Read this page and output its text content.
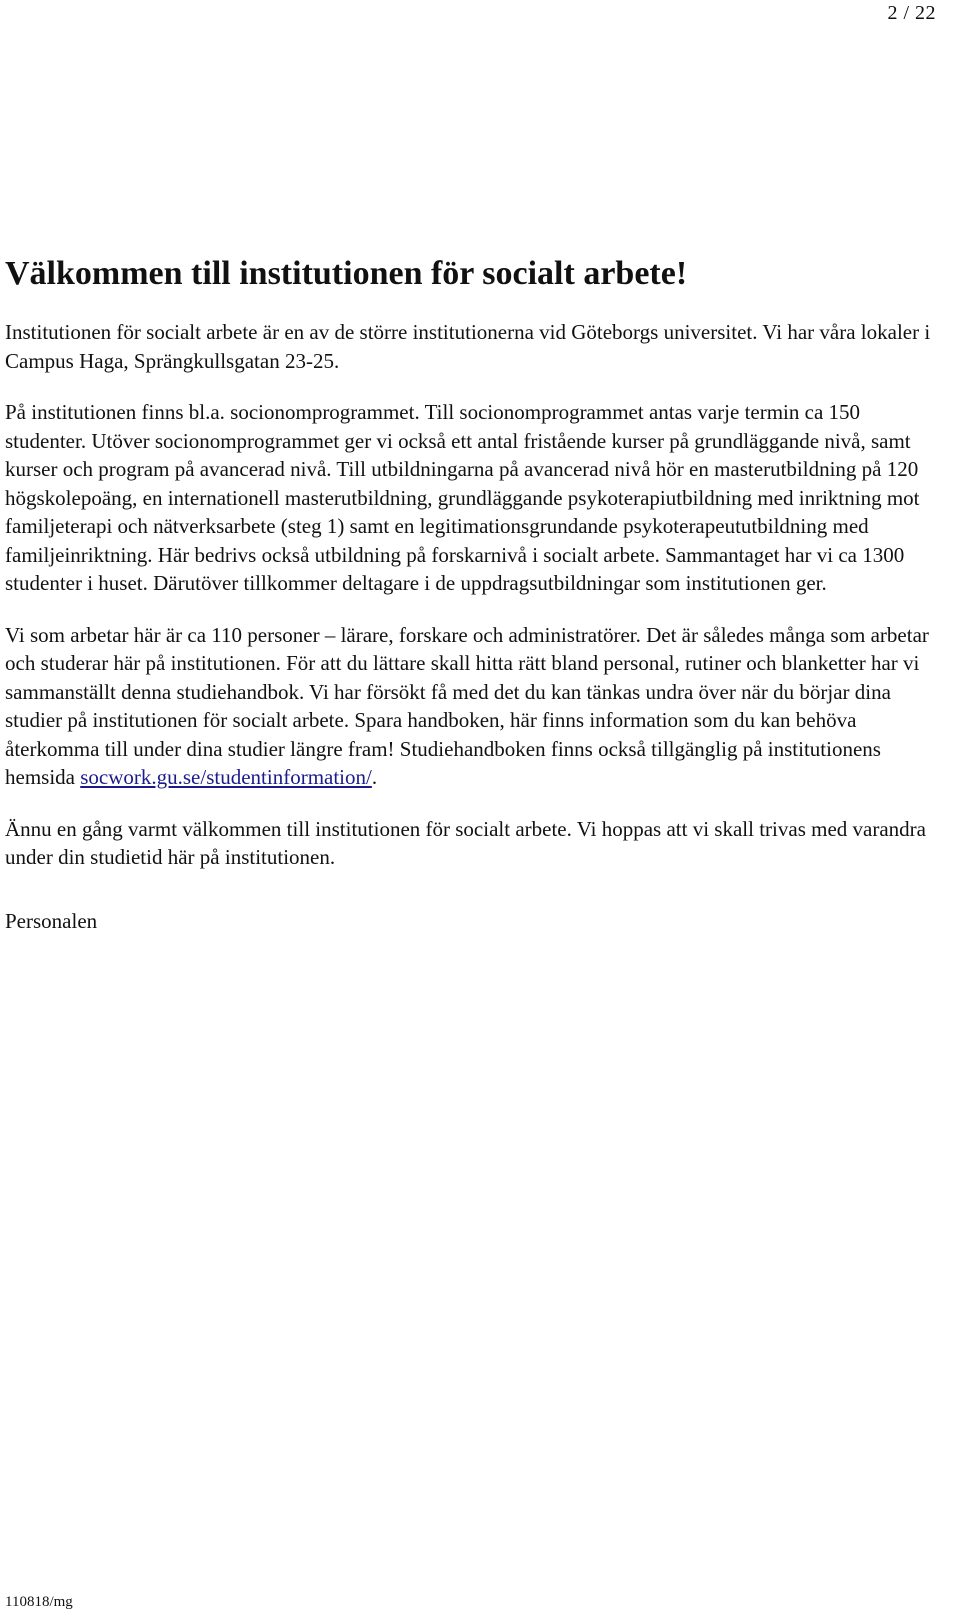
2 / 22
Välkommen till institutionen för socialt arbete!

Institutionen för socialt arbete är en av de större institutionerna vid Göteborgs universitet. Vi har våra lokaler i Campus Haga, Sprängkullsgatan 23-25.

På institutionen finns bl.a. socionomprogrammet. Till socionomprogrammet antas varje termin ca 150 studenter. Utöver socionomprogrammet ger vi också ett antal fristående kurser på grundläggande nivå, samt kurser och program på avancerad nivå. Till utbildningarna på avancerad nivå hör en masterutbildning på 120 högskolepoäng, en internationell masterutbildning, grundläggande psykoterapiutbildning med inriktning mot familjeterapi och nätverksarbete (steg 1) samt en legitimationsgrundande psykoterapeututbildning med familjeinriktning. Här bedrivs också utbildning på forskarnivå i socialt arbete. Sammantaget har vi ca 1300 studenter i huset. Därutöver tillkommer deltagare i de uppdragsutbildningar som institutionen ger.

Vi som arbetar här är ca 110 personer – lärare, forskare och administratörer. Det är således många som arbetar och studerar här på institutionen. För att du lättare skall hitta rätt bland personal, rutiner och blanketter har vi sammanställt denna studiehandbok. Vi har försökt få med det du kan tänkas undra över när du börjar dina studier på institutionen för socialt arbete. Spara handboken, här finns information som du kan behöva återkomma till under dina studier längre fram! Studiehandboken finns också tillgänglig på institutionens hemsida socwork.gu.se/studentinformation/.

Ännu en gång varmt välkommen till institutionen för socialt arbete. Vi hoppas att vi skall trivas med varandra under din studietid här på institutionen.

Personalen

110818/mg
